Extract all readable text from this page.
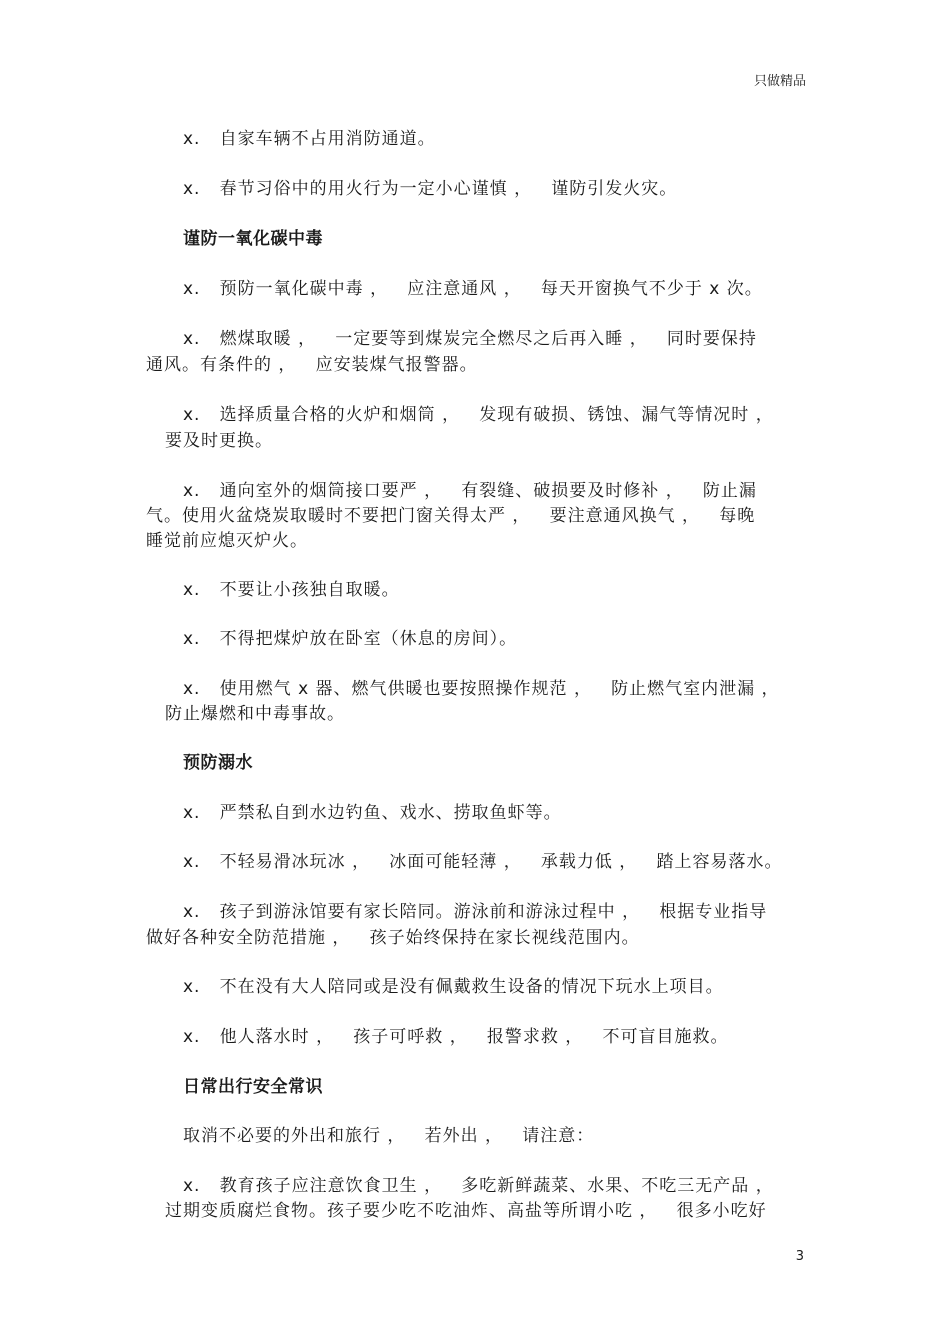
只做精品
x.   自家车辆不占用消防通道。
x.   春节习俗中的用火行为一定小心谨慎 ，   谨防引发火灾。
谨防一氧化碳中毒
x.   预防一氧化碳中毒 ，   应注意通风 ，   每天开窗换气不少于 x 次。
x.   燃煤取暖 ，   一定要等到煤炭完全燃尽之后再入睡 ，   同时要保持
通风。有条件的 ，   应安装煤气报警器。
x.   选择质量合格的火炉和烟筒 ，   发现有破损、锈蚀、漏气等情况时 ，
要及时更换。
x.   通向室外的烟筒接口要严 ，   有裂缝、破损要及时修补 ，   防止漏
气。使用火盆烧炭取暖时不要把门窗关得太严 ，   要注意通风换气 ，   每晚
睡觉前应熄灭炉火。
x.   不要让小孩独自取暖。
x.   不得把煤炉放在卧室（休息的房间）。
x.   使用燃气 x 器、燃气供暖也要按照操作规范 ，   防止燃气室内泄漏 ，
防止爆燃和中毒事故。
预防溺水
x.   严禁私自到水边钓鱼、戏水、捞取鱼虾等。
x.   不轻易滑冰玩冰 ，   冰面可能轻薄 ，   承载力低 ，   踏上容易落水。
x.   孩子到游泳馆要有家长陪同。游泳前和游泳过程中 ，   根据专业指导
做好各种安全防范措施 ，   孩子始终保持在家长视线范围内。
x.   不在没有大人陪同或是没有佩戴救生设备的情况下玩水上项目。
x.   他人落水时 ，   孩子可呼救 ，   报警求救 ，   不可盲目施救。
日常出行安全常识
取消不必要的外出和旅行 ，   若外出 ，   请注意：
x.   教育孩子应注意饮食卫生 ，   多吃新鲜蔬菜、水果、不吃三无产品 ，
过期变质腐烂食物。孩子要少吃不吃油炸、高盐等所谓小吃 ，   很多小吃好
3
